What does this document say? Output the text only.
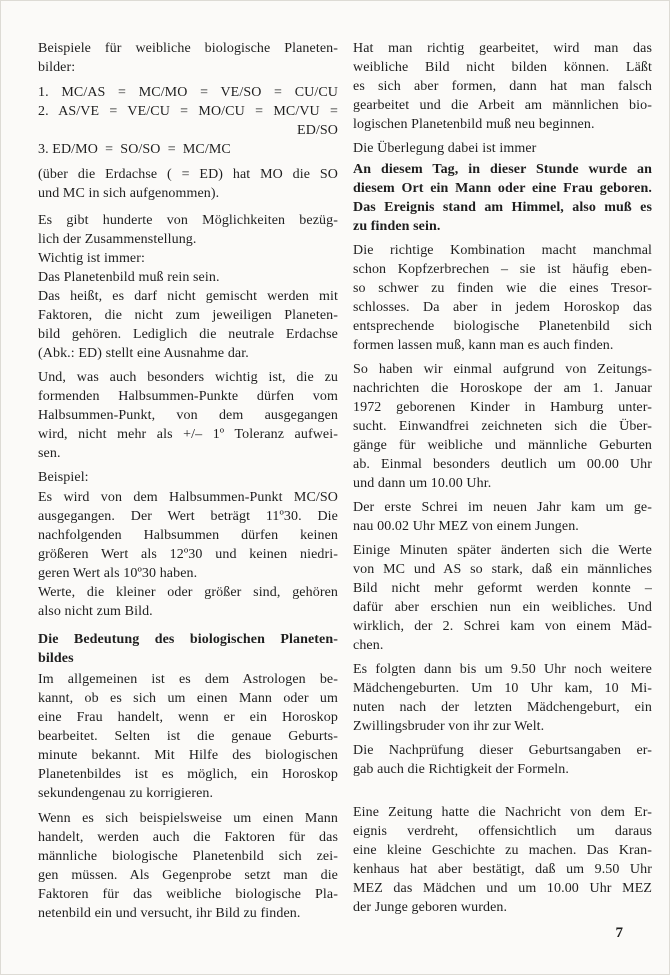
Beispiele für weibliche biologische Planeten-
bilder:
1. MC/AS = MC/MO = VE/SO = CU/CU
2. AS/VE = VE/CU = MO/CU = MC/VU =
ED/SO
3. ED/MO  =  SO/SO  =  MC/MC
(über die Erdachse ( = ED) hat MO die SO
und MC in sich aufgenommen).
Es gibt hunderte von Möglichkeiten bezüg-
lich der Zusammenstellung.
Wichtig ist immer:
Das Planetenbild muß rein sein.
Das heißt, es darf nicht gemischt werden mit
Faktoren, die nicht zum jeweiligen Planeten-
bild gehören. Lediglich die neutrale Erdachse
(Abk.: ED) stellt eine Ausnahme dar.
Und, was auch besonders wichtig ist, die zu
formenden Halbsummen-Punkte dürfen vom
Halbsummen-Punkt, von dem ausgegangen
wird, nicht mehr als +/– 1º Toleranz aufwei-
sen.
Beispiel:
Es wird von dem Halbsummen-Punkt MC/SO
ausgegangen. Der Wert beträgt 11º30. Die
nachfolgenden Halbsummen dürfen keinen
größeren Wert als 12º30 und keinen niedri-
geren Wert als 10º30 haben.
Werte, die kleiner oder größer sind, gehören
also nicht zum Bild.
Die Bedeutung des biologischen Planeten-
bildes
Im allgemeinen ist es dem Astrologen be-
kannt, ob es sich um einen Mann oder um
eine Frau handelt, wenn er ein Horoskop
bearbeitet. Selten ist die genaue Geburts-
minute bekannt. Mit Hilfe des biologischen
Planetenbildes ist es möglich, ein Horoskop
sekundengenau zu korrigieren.
Wenn es sich beispielsweise um einen Mann
handelt, werden auch die Faktoren für das
männliche biologische Planetenbild sich zei-
gen müssen. Als Gegenprobe setzt man die
Faktoren für das weibliche biologische Pla-
netenbild ein und versucht, ihr Bild zu finden.
Hat man richtig gearbeitet, wird man das
weibliche Bild nicht bilden können. Läßt
es sich aber formen, dann hat man falsch
gearbeitet und die Arbeit am männlichen bio-
logischen Planetenbild muß neu beginnen.
Die Überlegung dabei ist immer
An diesem Tag, in dieser Stunde wurde an
diesem Ort ein Mann oder eine Frau geboren.
Das Ereignis stand am Himmel, also muß es
zu finden sein.
Die richtige Kombination macht manchmal
schon Kopfzerbrechen – sie ist häufig eben-
so schwer zu finden wie die eines Tresor-
schlosses. Da aber in jedem Horoskop das
entsprechende biologische Planetenbild sich
formen lassen muß, kann man es auch finden.
So haben wir einmal aufgrund von Zeitungs-
nachrichten die Horoskope der am 1. Januar
1972 geborenen Kinder in Hamburg unter-
sucht. Einwandfrei zeichneten sich die Über-
gänge für weibliche und männliche Geburten
ab. Einmal besonders deutlich um 00.00 Uhr
und dann um 10.00 Uhr.
Der erste Schrei im neuen Jahr kam um ge-
nau 00.02 Uhr MEZ von einem Jungen.
Einige Minuten später änderten sich die Werte
von MC und AS so stark, daß ein männliches
Bild nicht mehr geformt werden konnte –
dafür aber erschien nun ein weibliches. Und
wirklich, der 2. Schrei kam von einem Mäd-
chen.
Es folgten dann bis um 9.50 Uhr noch weitere
Mädchengeburten. Um 10 Uhr kam, 10 Mi-
nuten nach der letzten Mädchengeburt, ein
Zwillingsbruder von ihr zur Welt.
Die Nachprüfung dieser Geburtsangaben er-
gab auch die Richtigkeit der Formeln.
Eine Zeitung hatte die Nachricht von dem Er-
eignis verdreht, offensichtlich um daraus
eine kleine Geschichte zu machen. Das Kran-
kenhaus hat aber bestätigt, daß um 9.50 Uhr
MEZ das Mädchen und um 10.00 Uhr MEZ
der Junge geboren wurden.
7
